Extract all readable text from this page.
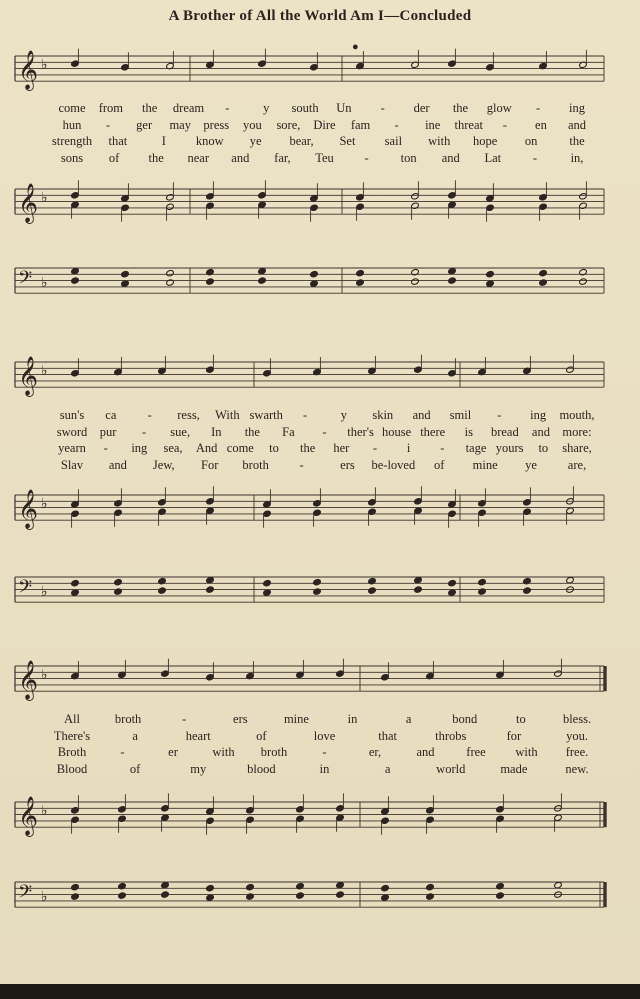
A Brother of All the World Am I—Concluded
𝄞 ♭
𝄞 ♭
𝄢 ♭
𝄞 ♭
𝄞 ♭
𝄢 ♭
𝄞 ♭
𝄞 ♭
𝄢 ♭
●
come from the dream -	y south Un - der the glow - ing
hun - ger may press you sore, Dire fam - ine threat - en and
strength that	I know ye bear, Set sail with hope on	the
sons of the near and far, Teu -	ton and Lat	-	in,
sun's ca - ress, With swarth -	y skin and smil - ing mouth,
sword pur - sue, In the Fa - ther's house there is bread and more:
yearn - ing sea, And come to the her - i - tage yours to share,
Slav and Jew, For broth -	ers be-loved of mine ye are,
All	broth	-	ers	mine	in	a	bond	to	bless.
There's	a	heart	of	love	that	throbs	for	you.
Broth	-	er	with broth	-	er,	and	free with free.
Blood	of	my	blood	in	a	world	made	new.
